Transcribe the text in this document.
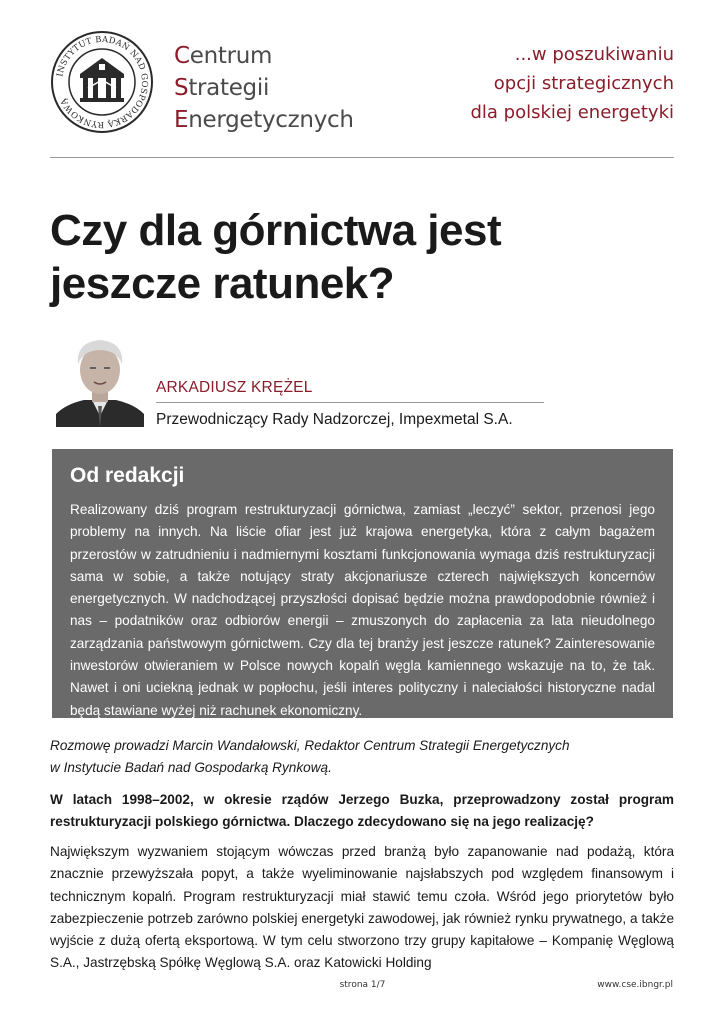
INSTYTUT BADAŃ NAD GOSPODARKĄ RYNKOWĄ
Centrum
Strategii
Energetycznych
...w poszukiwaniu
opcji strategicznych
dla polskiej energetyki
Czy dla górnictwa jest
jeszcze ratunek?
ARKADIUSZ KRĘŻEL
Przewodniczący Rady Nadzorczej, Impexmetal S.A.
Od redakcji

Realizowany dziś program restrukturyzacji górnictwa, zamiast „leczyć” sektor, przenosi jego problemy na innych. Na liście ofiar jest już krajowa energetyka, która z całym bagażem przerostów w zatrudnieniu i nadmiernymi kosztami funkcjonowania wymaga dziś restrukturyzacji sama w sobie, a także notujący straty akcjonariusze czterech największych koncernów energetycznych. W nadchodzącej przyszłości dopisać będzie można prawdopodobnie również i nas – podatników oraz odbiorów energii – zmuszonych do zapłacenia za lata nieudolnego zarządzania państwowym górnictwem. Czy dla tej branży jest jeszcze ratunek? Zainteresowanie inwestorów otwieraniem w Polsce nowych kopalń węgla kamiennego wskazuje na to, że tak. Nawet i oni uciekną jednak w popłochu, jeśli interes polityczny i naleciałości historyczne nadal będą stawiane wyżej niż rachunek ekonomiczny.

Rozmowę prowadzi Marcin Wandałowski, Redaktor Centrum Strategii Energetycznych
w Instytucie Badań nad Gospodarką Rynkową.

W latach 1998–2002, w okresie rządów Jerzego Buzka, przeprowadzony został program restrukturyzacji polskiego górnictwa. Dlaczego zdecydowano się na jego realizację?

Największym wyzwaniem stojącym wówczas przed branżą było zapanowanie nad podażą, która znacznie przewyższała popyt, a także wyeliminowanie najsłabszych pod względem finansowym i technicznym kopalń. Program restrukturyzacji miał stawić temu czoła. Wśród jego priorytetów było zabezpieczenie potrzeb zarówno polskiej energetyki zawodowej, jak również rynku prywatnego, a także wyjście z dużą ofertą eksportową. W tym celu stworzono trzy grupy kapitałowe – Kompanię Węglową S.A., Jastrzębską Spółkę Węglową S.A. oraz Katowicki Holding

strona 1/7	www.cse.ibngr.pl
